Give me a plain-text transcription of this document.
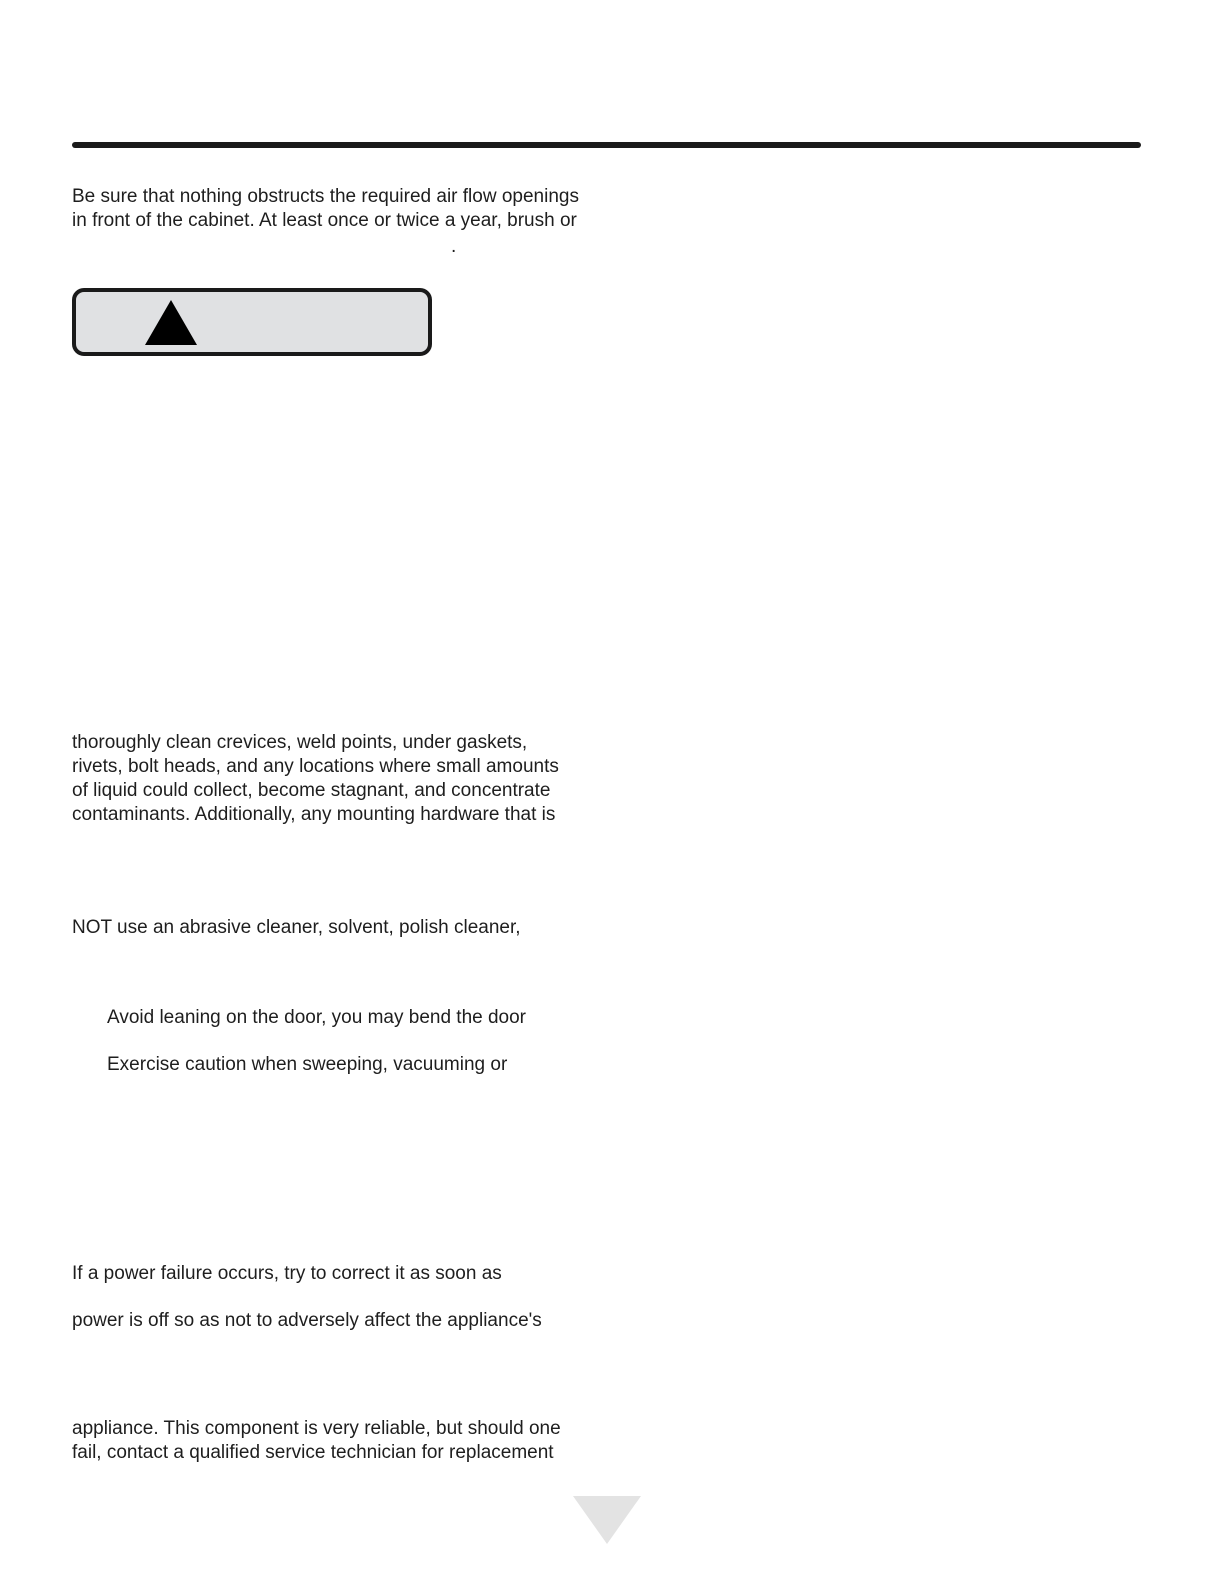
Be sure that nothing obstructs the required air flow openings

in front of the cabinet. At least once or twice a year, brush or

.

thoroughly clean crevices, weld points, under gaskets,

rivets, bolt heads, and any locations where small amounts

of liquid could collect, become stagnant, and concentrate

contaminants. Additionally, any mounting hardware that is

NOT use an abrasive cleaner, solvent, polish cleaner,

Avoid leaning on the door, you may bend the door

Exercise caution when sweeping, vacuuming or

If a power failure occurs, try to correct it as soon as

power is off so as not to adversely affect the appliance's

appliance. This component is very reliable, but should one

fail, contact a qualified service technician for replacement
